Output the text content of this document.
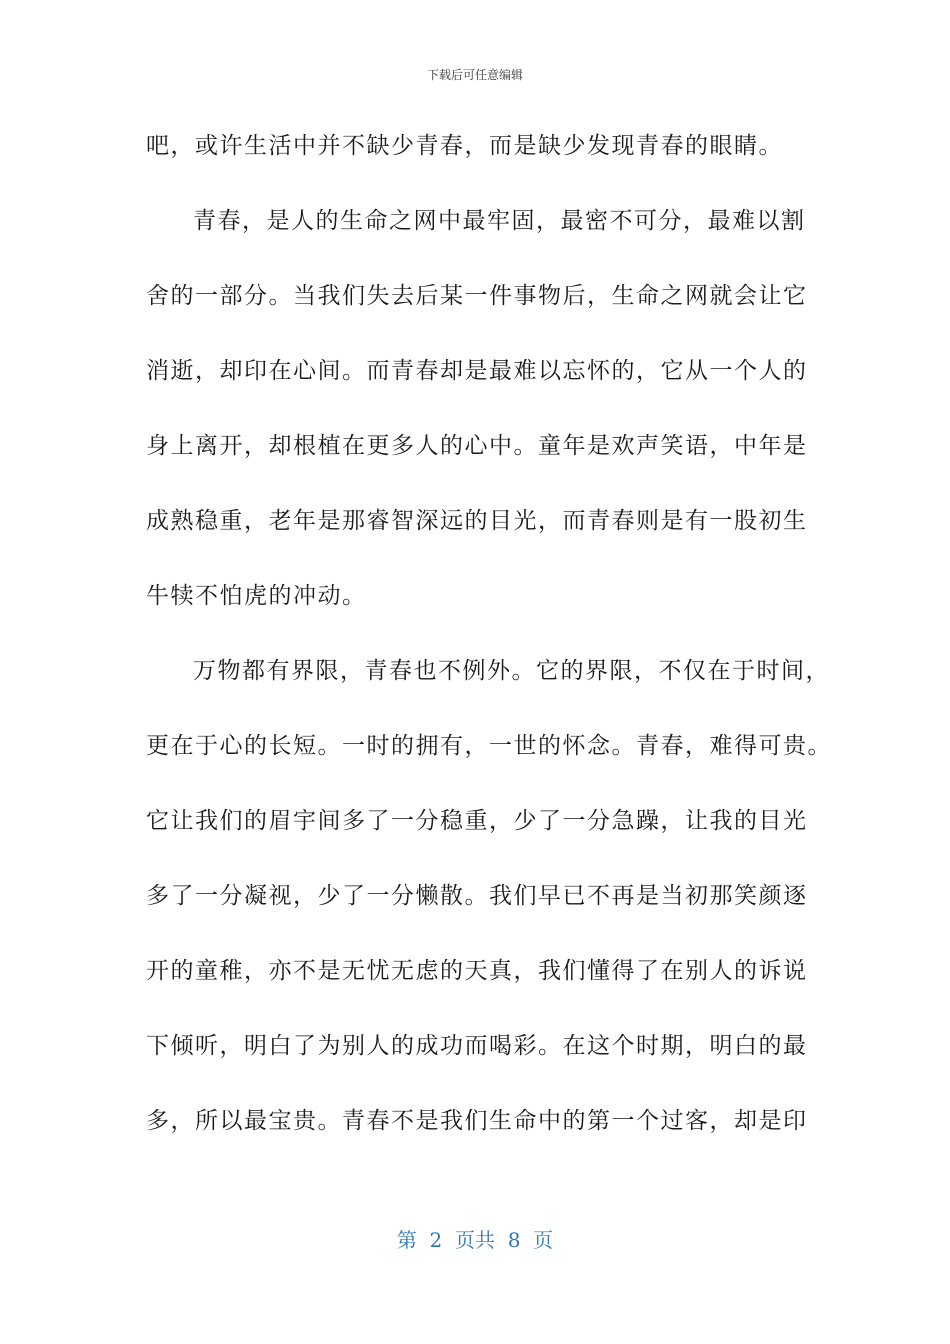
下载后可任意编辑
吧，或许生活中并不缺少青春，而是缺少发现青春的眼睛。
青春，是人的生命之网中最牢固，最密不可分，最难以割
舍的一部分。当我们失去后某一件事物后，生命之网就会让它
消逝，却印在心间。而青春却是最难以忘怀的，它从一个人的
身上离开，却根植在更多人的心中。童年是欢声笑语，中年是
成熟稳重，老年是那睿智深远的目光，而青春则是有一股初生
牛犊不怕虎的冲动。
万物都有界限，青春也不例外。它的界限，不仅在于时间，
更在于心的长短。一时的拥有，一世的怀念。青春，难得可贵。
它让我们的眉宇间多了一分稳重，少了一分急躁，让我的目光
多了一分凝视，少了一分懒散。我们早已不再是当初那笑颜逐
开的童稚，亦不是无忧无虑的天真，我们懂得了在别人的诉说
下倾听，明白了为别人的成功而喝彩。在这个时期，明白的最
多，所以最宝贵。青春不是我们生命中的第一个过客，却是印
第  2  页共  8  页
